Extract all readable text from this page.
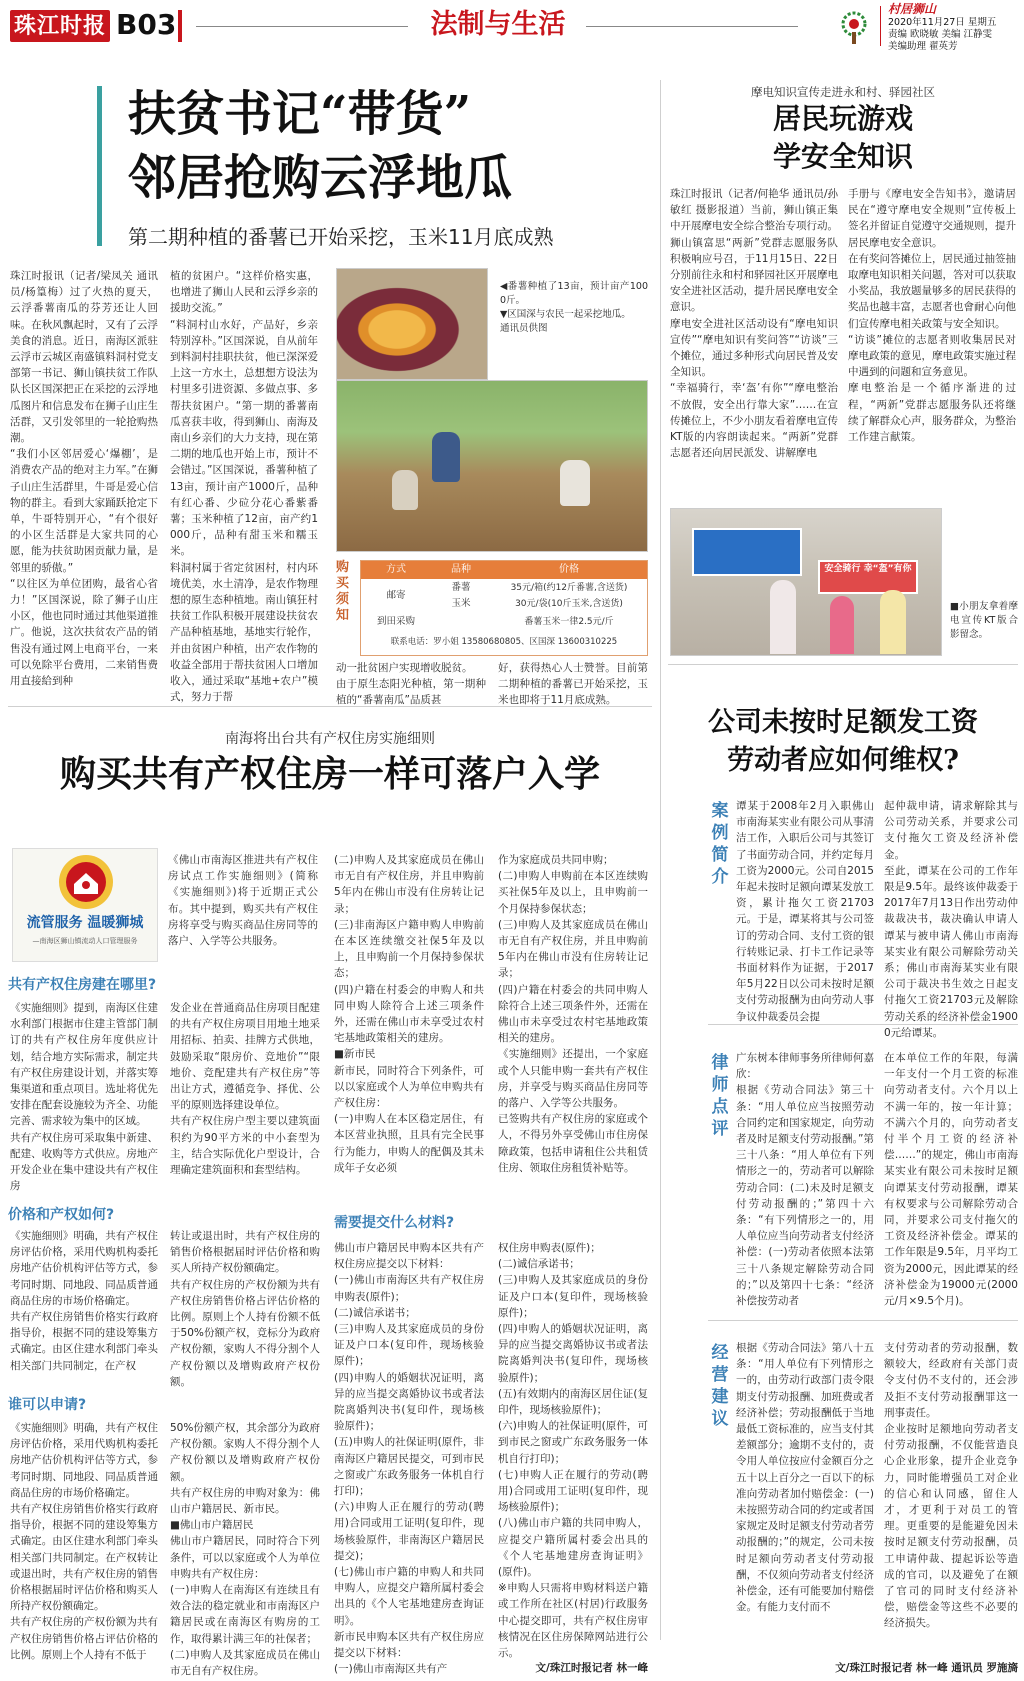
珠江时报 B03	法制与生活	村居狮山
2020年11月27日 星期五
责编 欧晓敏 美编 江静雯
美编助理 翟英芳
扶贫书记“带货”
邻居抢购云浮地瓜
第二期种植的番薯已开始采挖，玉米11月底成熟
珠江时报讯（记者/梁凤关 通讯员/杨篁梅）过了火热的夏天，云浮番薯南瓜的芬芳还让人回味。在秋风飘起时，又有了云浮美食的消息。近日，南海区派驻云浮市云城区南盛镇料洞村党支部第一书记、狮山镇扶贫工作队队长区国深把正在采挖的云浮地瓜图片和信息发布在狮子山庄生活群，又引发邻里的一轮抢购热潮。
“我们小区邻居爱心‘爆棚’，是消费农产品的绝对主力军。”在狮子山庄生活群里，牛哥是爱心信物的群主。看到大家踊跃抢定下单，牛哥特别开心，“有个很好的小区生活群是大家共同的心愿，能为扶贫助困贡献力量，是邻里的骄傲。”
“以往区为单位团购，最省心省力！”区国深说，除了狮子山庄小区，他也同时通过其他渠道推广。他说，这次扶贫农产品的销售没有通过网上电商平台，一来可以免除平台费用，二来销售费用直接給到种
植的贫困户。“这样价格实惠，也增进了狮山人民和云浮乡亲的援助交流。”
“料洞村山水好，产品好，乡亲特别淳朴。”区国深说，自从前年到料洞村挂职扶贫，他已深深爱上这一方水土，总想想方设法为村里多引进资源、多做点事、多帮扶贫困户。“第一期的番薯南瓜喜获丰收，得到狮山、南海及南山乡亲们的大力支持，现在第二期的地瓜也开始上市，预计不会错过。”区国深说，番薯种植了13亩，预计亩产1000斤，品种有红心番、少砬分花心番紫番薯；玉米种植了12亩，亩产约1000斤，品种有甜玉米和糯玉米。
料洞村属于省定贫困村，村内环境优美，水土清净，是农作物理想的原生态种植地。南山镇狂村扶贫工作队积极开展建设扶贫农产品种植基地，基地实行轮作，并由贫困户种植，出产农作物的收益全部用于帮扶贫困人口增加收入，通过采取“基地+农户”模式，努力于帮
◀番薯种植了13亩，预计亩产1000斤。
▼区国深与农民一起采挖地瓜。
通讯员供图
购买须知
方式	品种	价格
邮寄
番薯	35元/箱(约12斤番薯,含送货)
玉米	30元/袋(10斤玉米,含送货)
到田采购	番薯玉米一律2.5元/斤
联系电话：罗小姐 13580680805、区国深 13600310225
动一批贫困户实现增收脱贫。
由于原生态阳光种植，第一期种植的“番薯南瓜”品质甚
好，获得热心人士赞誉。目前第二期种植的番薯已开始采挖，玉米也即将于11月底成熟。
摩电知识宣传走进永和村、驿园社区
居民玩游戏
学安全知识
珠江时报讯（记者/何艳华 通讯员/孙敏红 摄影报道）当前，狮山镇正集中开展摩电安全综合整治专项行动。狮山镇富思“两新”党群志愿服务队积极响应号召，于11月15日、22日分别前往永和村和驿园社区开展摩电安全进社区活动，提升居民摩电安全意识。
摩电安全进社区活动设有“摩电知识宣传”“摩电知识有奖问答”“访谈”三个摊位，通过多种形式向居民普及安全知识。
“幸福骑行，幸‘盔’有你”“摩电整治不放假，安全出行靠大家”……在宣传摊位上，不少小朋友看着摩电宣传KT版的内容朗读起来。“两新”党群志愿者还向居民派发、讲解摩电
手册与《摩电安全告知书》，邀请居民在“遵守摩电安全规则”宣传板上签名并留证自觉遵守交通规则，提升居民摩电安全意识。
在有奖问答摊位上，居民通过抽签抽取摩电知识相关问题，答对可以获取小奖品，我放题量够多的居民获得的奖品也越丰富，志愿者也會耐心向他们宣传摩电相关政策与安全知识。
“访谈”摊位的志愿者则收集居民对摩电政策的意见，摩电政策实施过程中遇到的问题和宣务意见。
摩电整治是一个循序渐进的过程，“两新”党群志愿服务队还将继续了解群众心声，服务群众，为整治工作建言献策。
安全骑行 幸“盔”有你
■小朋友拿着摩电宣传KT版合影留念。
南海将出台共有产权住房实施细则
购买共有产权住房一样可落户入学
流管服务 温暖狮城
—南海区狮山镇流动人口管理服务
《佛山市南海区推进共有产权住房试点工作实施细则》(简称《实施细则》)将于近期正式公布。其中提到，购买共有产权住房将享受与购买商品住房同等的落户、入学等公共服务。
共有产权住房建在哪里?
《实施细则》提到，南海区住建水利部门根据市住建主管部门制订的共有产权住房年度供应计划，结合地方实际需求，制定共有产权住房建设计划，并落实筹集渠道和重点项目。选址将优先安排在配套设施较为齐全、功能完善、需求较为集中的区域。
共有产权住房可采取集中新建、配建、收购等方式供应。房地产开发企业在集中建设共有产权住房
发企业在普通商品住房项目配建的共有产权住房项目用地土地采用招标、拍卖、挂牌方式供地，鼓励采取“限房价、竞地价”“限地价、竞配建共有产权住房”等出让方式，遵循竞争、择优、公平的原则选择建设单位。
共有产权住房户型主要以建筑面积约为90平方米的中小套型为主，结合实际优化户型设计，合理确定建筑面积和套型结构。
价格和产权如何?
《实施细则》明确，共有产权住房评估价格，采用代购机构委托房地产估价机构评估等方式，参考同时期、同地段、同品质普通商品住房的市场价格确定。
共有产权住房销售价格实行政府指导价，根据不同的建设筹集方式确定。由区住建水利部门牵头相关部门共同制定，在产权
转让或退出时，共有产权住房的销售价格根据届时评估价格和购买人所持产权份额确定。
共有产权住房的产权份额为共有产权住房销售价格占评估价格的比例。原则上个人持有份额不低于50%份额产权，竞标分为政府产权份额，家购人不得分割个人产权份额以及增购政府产权份额。
谁可以申请?
《实施细则》明确，共有产权住房评估价格，采用代购机构委托房地产估价机构评估等方式，参考同时期、同地段、同品质普通商品住房的市场价格确定。
共有产权住房销售价格实行政府指导价，根据不同的建设筹集方式确定。由区住建水利部门牵头相关部门共同制定。在产权转让或退出时，共有产权住房的销售价格根据届时评估价格和购买人所持产权份额确定。
共有产权住房的产权份额为共有产权住房销售价格占评估价格的比例。原则上个人持有不低于
50%份额产权，其余部分为政府产权份额。家购人不得分割个人产权份额以及增购政府产权份额。
共有产权住房的申购对象为：佛山市户籍居民、新市民。
■佛山市户籍居民
佛山市户籍居民，同时符合下列条件，可以以家庭或个人为单位申购共有产权住房：
(一)申购人在南海区有连续且有效合法的稳定就业和市南海区户籍居民或在南海区有购房的工作，取得累计满三年的社保者；
(二)申购人及其家庭成员在佛山市无自有产权住房。
(二)申购人及其家庭成员在佛山市无自有产权住房，并且申购前5年内在佛山市没有住房转让记录；
(三)非南海区户籍申购人申购前在本区连续缴交社保5年及以上，且申购前一个月保持参保状态；
(四)户籍在村委会的申购人和共同申购人除符合上述三项条件外，还需在佛山市未享受过农村宅基地政策相关的建房。
■新市民
新市民，同时符合下列条件，可以以家庭或个人为单位申购共有产权住房：
(一)申购人在本区稳定居住，有本区营业执照，且具有完全民事行为能力，申购人的配偶及其未成年子女必须
作为家庭成员共同申购；
(二)申购人申购前在本区连续购买社保5年及以上，且申购前一个月保持参保状态；
(三)申购人及其家庭成员在佛山市无自有产权住房，并且申购前5年内在佛山市没有住房转让记录；
(四)户籍在村委会的共同申购人除符合上述三项条件外，还需在佛山市未享受过农村宅基地政策相关的建房。
《实施细则》还提出，一个家庭或个人只能申购一套共有产权住房，并享受与购买商品住房同等的落户、入学等公共服务。
已签购共有产权住房的家庭或个人，不得另外享受佛山市住房保障政策，包括申请租住公共租赁住房、领取住房租赁补贴等。
需要提交什么材料?
佛山市户籍居民申购本区共有产权住房应提交以下材料：
(一)佛山市南海区共有产权住房申购表(原件)；
(二)诚信承诺书；
(三)申购人及其家庭成员的身份证及户口本(复印件，现场核验原件)；
(四)申购人的婚姻状况证明，离异的应当提交离婚协议书或者法院离婚判决书(复印件，现场核验原件)；
(五)申购人的社保证明(原件，非南海区户籍居民提交，可到市民之窗或广东政务服务一体机自行打印)；
(六)申购人正在履行的劳动(聘用)合同或用工证明(复印件，现场核验原件，非南海区户籍居民提交)；
(七)佛山市户籍的申购人和共同申购人，应提交户籍所属村委会出具的《个人宅基地建房查询证明》。
新市民申购本区共有产权住房应提交以下材料：
(一)佛山市南海区共有产
权住房申购表(原件)；
(二)诚信承诺书；
(三)申购人及其家庭成员的身份证及户口本(复印件，现场核验原件)；
(四)申购人的婚姻状况证明，离异的应当提交离婚协议书或者法院离婚判决书(复印件，现场核验原件)；
(五)有效期内的南海区居住证(复印件，现场核验原件)；
(六)申购人的社保证明(原件，可到市民之窗或广东政务服务一体机自行打印)；
(七)申购人正在履行的劳动(聘用)合同或用工证明(复印件，现场核验原件)；
(八)佛山市户籍的共同申购人，应提交户籍所属村委会出具的《个人宅基地建房查询证明》(原件)。
※申购人只需将申购材料送户籍或工作所在社区(村居)行政服务中心提交即可，共有产权住房审核情况在区住房保障网站进行公示。
文/珠江时报记者 林一峰
公司未按时足额发工资
劳动者应如何维权?
案例简介
谭某于2008年2月入职佛山市南海某实业有限公司从事清洁工作，入职后公司与其签订了书面劳动合同，并约定每月工资为2000元。公司自2015年起未按时足额向谭某发放工资，累计拖欠工资21703元。于是，谭某将其与公司签订的劳动合同、支付工资的银行转账记录、打卡工作记录等书面材料作为证据，于2017年5月22日以公司未按时足额支付劳动报酬为由向劳动人事争议仲裁委员会提
起仲裁申请，请求解除其与公司劳动关系，并要求公司支付拖欠工资及经济补偿金。
至此，谭某在公司的工作年限是9.5年。最终该仲裁委于2017年7月13日作出劳动仲裁裁决书，裁决确认申请人谭某与被申请人佛山市南海某实业有限公司解除劳动关系；佛山市南海某实业有限公司于裁决书生效之日起支付拖欠工资21703元及解除劳动关系的经济补偿金19000元给谭某。
律师点评
广东树本律师事务所律师何嘉欣：
根据《劳动合同法》第三十条：“用人单位应当按照劳动合同约定和国家规定，向劳动者及时足额支付劳动报酬。”第三十八条：“用人单位有下列情形之一的，劳动者可以解除劳动合同：(二)未及时足额支付劳动报酬的；”第四十六条：“有下列情形之一的，用人单位应当向劳动者支付经济补偿：(一)劳动者依照本法第三十八条规定解除劳动合同的；”以及第四十七条：“经济补偿按劳动者
在本单位工作的年限，每满一年支付一个月工资的标准向劳动者支付。六个月以上不满一年的，按一年计算；不满六个月的，向劳动者支付半个月工资的经济补偿……”的规定，佛山市南海某实业有限公司未按时足额向谭某支付劳动报酬，谭某有权要求与公司解除劳动合同，并要求公司支付拖欠的工资及经济补偿金。谭某的工作年限是9.5年，月平均工资为2000元，因此谭某的经济补偿金为19000元(2000元/月×9.5个月)。
经营建议
根据《劳动合同法》第八十五条：“用人单位有下列情形之一的，由劳动行政部门责令限期支付劳动报酬、加班费或者经济补偿；劳动报酬低于当地最低工资标准的，应当支付其差额部分；逾期不支付的，责令用人单位按应付金额百分之五十以上百分之一百以下的标准向劳动者加付赔偿金：(一)未按照劳动合同的约定或者国家规定及时足额支付劳动者劳动报酬的；”的规定，公司未按时足额向劳动者支付劳动报酬，不仅须向劳动者支付经济补偿金，还有可能要加付赔偿金。有能力支付而不
支付劳动者的劳动报酬，数额较大，经政府有关部门责令支付仍不支付的，还会涉及拒不支付劳动报酬罪这一刑事责任。
企业按时足额地向劳动者支付劳动报酬，不仅能营造良心企业形象，提升企业竞争力，同时能增强员工对企业的信心和认同感，留住人才，才更利于对员工的管理。更重要的是能避免因未按时足额支付劳动报酬，员工申请仲裁、提起诉讼等造成的官司，以及避免了在额了官司的同时支付经济补偿，赔偿金等这些不必要的经济损失。
文/珠江时报记者 林一峰 通讯员 罗施旖
